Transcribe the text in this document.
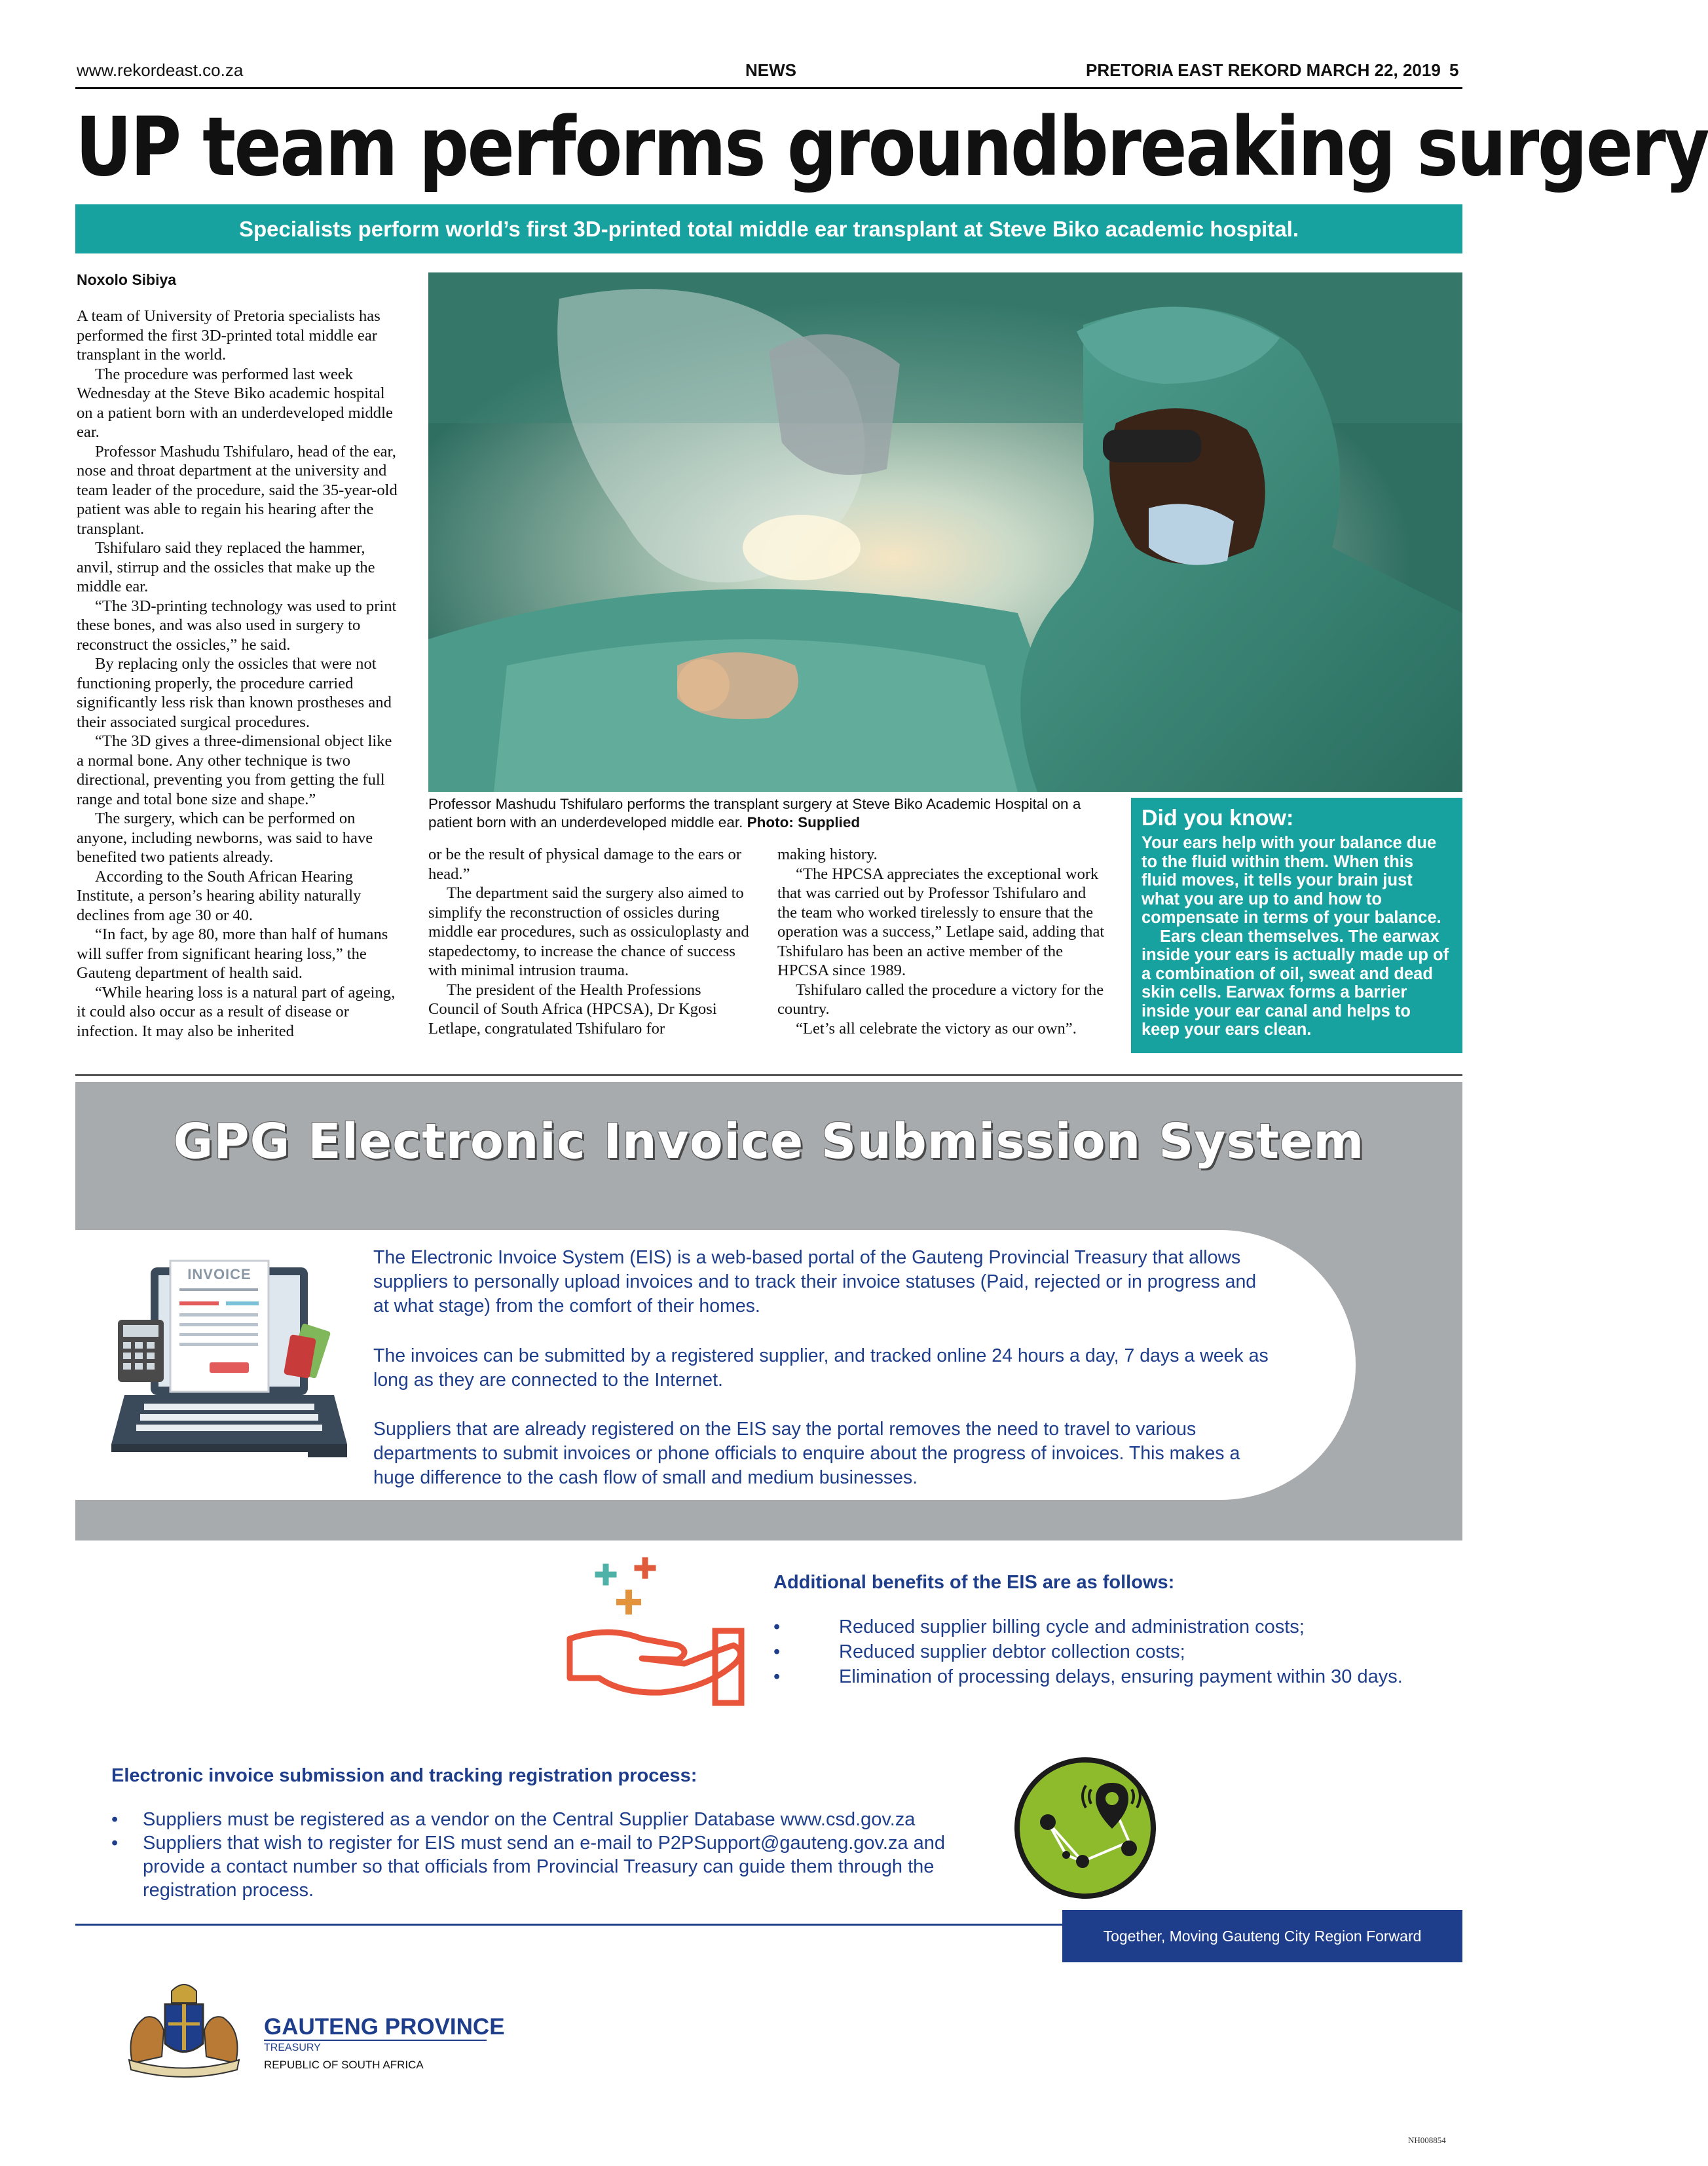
www.rekordeast.co.za	NEWS	PRETORIA EAST REKORD MARCH 22, 2019 5
UP team performs groundbreaking surgery
Specialists perform world’s first 3D-printed total middle ear transplant at Steve Biko academic hospital.
Noxolo Sibiya

A team of University of Pretoria specialists has performed the first 3D-printed total middle ear transplant in the world.

The procedure was performed last week Wednesday at the Steve Biko academic hospital on a patient born with an underdeveloped middle ear.

Professor Mashudu Tshifularo, head of the ear, nose and throat department at the university and team leader of the procedure, said the 35-year-old patient was able to regain his hearing after the transplant.

Tshifularo said they replaced the hammer, anvil, stirrup and the ossicles that make up the middle ear.

“The 3D-printing technology was used to print these bones, and was also used in surgery to reconstruct the ossicles,” he said.

By replacing only the ossicles that were not functioning properly, the procedure carried significantly less risk than known prostheses and their associated surgical procedures.

“The 3D gives a three-dimensional object like a normal bone. Any other technique is two directional, preventing you from getting the full range and total bone size and shape.”

The surgery, which can be performed on anyone, including newborns, was said to have benefited two patients already.

According to the South African Hearing Institute, a person’s hearing ability naturally declines from age 30 or 40.

“In fact, by age 80, more than half of humans will suffer from significant hearing loss,” the Gauteng department of health said.

“While hearing loss is a natural part of ageing, it could also occur as a result of disease or infection. It may also be inherited

or be the result of physical damage to the ears or head.”

The department said the surgery also aimed to simplify the reconstruction of ossicles during middle ear procedures, such as ossiculoplasty and stapedectomy, to increase the chance of success with minimal intrusion trauma.

The president of the Health Professions Council of South Africa (HPCSA), Dr Kgosi Letlape, congratulated Tshifularo for

making history.

“The HPCSA appreciates the exceptional work that was carried out by Professor Tshifularo and the team who worked tirelessly to ensure that the operation was a success,” Letlape said, adding that Tshifularo has been an active member of the HPCSA since 1989.

Tshifularo called the procedure a victory for the country.

“Let’s all celebrate the victory as our own”.

Professor Mashudu Tshifularo performs the transplant surgery at Steve Biko Academic Hospital on a patient born with an underdeveloped middle ear. Photo: Supplied	Did you know:

Your ears help with your balance due to the fluid within them. When this fluid moves, it tells your brain just what you are up to and how to compensate in terms of your balance.

Ears clean themselves. The earwax inside your ears is actually made up of a combination of oil, sweat and dead skin cells. Earwax forms a barrier inside your ear canal and helps to keep your ears clean.

GPG Electronic Invoice Submission System
INVOICE
The Electronic Invoice System (EIS) is a web-based portal of the Gauteng Provincial Treasury that allows suppliers to personally upload invoices and to track their invoice statuses (Paid, rejected or in progress and at what stage) from the comfort of their homes.
The invoices can be submitted by a registered supplier, and tracked online 24 hours a day, 7 days a week as long as they are connected to the Internet.
Suppliers that are already registered on the EIS say the portal removes the need to travel to various departments to submit invoices or phone officials to enquire about the progress of invoices. This makes a huge difference to the cash flow of small and medium businesses.
Additional benefits of the EIS are as follows:
•	Reduced supplier billing cycle and administration costs;
•	Reduced supplier debtor collection costs;
•	Elimination of processing delays, ensuring payment within 30 days.
Electronic invoice submission and tracking registration process:
•	Suppliers must be registered as a vendor on the Central Supplier Database www.csd.gov.za
•	Suppliers that wish to register for EIS must send an e-mail to P2PSupport@gauteng.gov.za and provide a contact number so that officials from Provincial Treasury can guide them through the registration process.
Together, Moving Gauteng City Region Forward
GAUTENG PROVINCE
TREASURY
REPUBLIC OF SOUTH AFRICA
NH008854
